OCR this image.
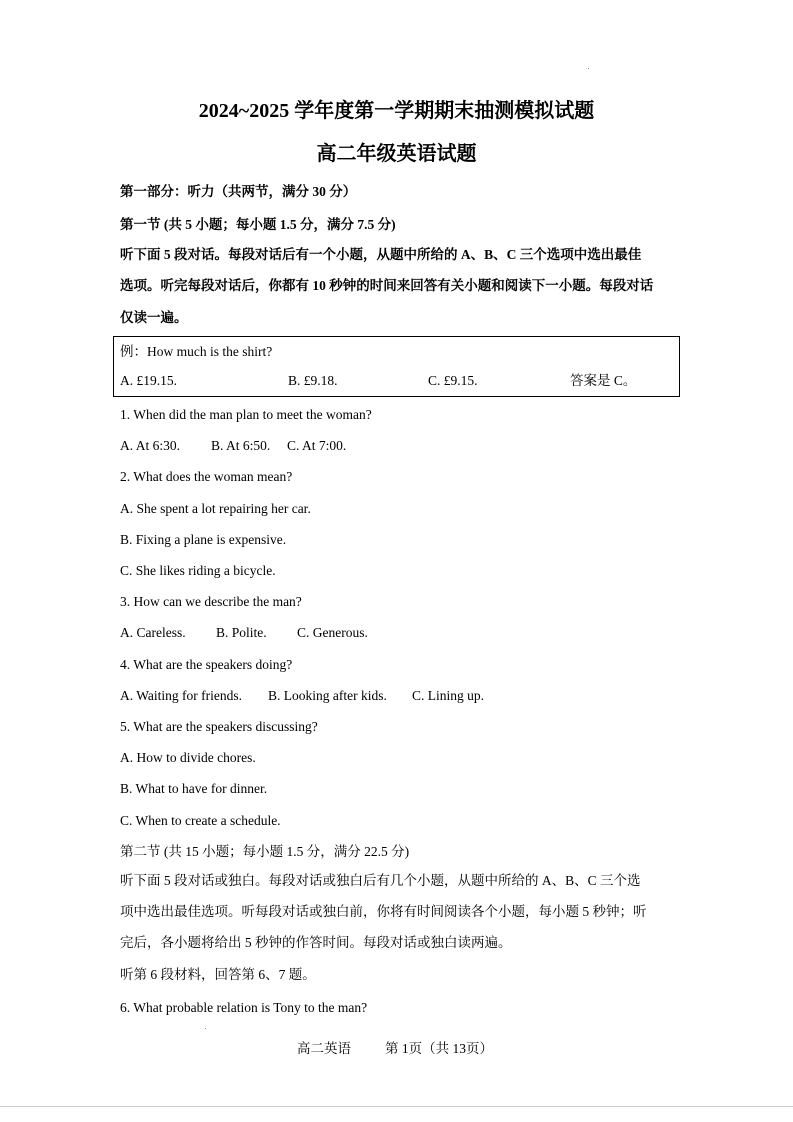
2024~2025 学年度第一学期期末抽测模拟试题
高二年级英语试题
第一部分：听力（共两节，满分 30 分）
第一节 (共 5 小题；每小题 1.5 分，满分 7.5 分)
听下面 5 段对话。每段对话后有一个小题，从题中所给的 A、B、C 三个选项中选出最佳
选项。听完每段对话后，你都有 10 秒钟的时间来回答有关小题和阅读下一小题。每段对话
仅读一遍。
例：How much is the shirt?
A. £19.15.	B. £9.18.	C. £9.15.	答案是 C。
1. When did the man plan to meet the woman?
A. At 6:30. B. At 6:50. C. At 7:00.
2. What does the woman mean?
A. She spent a lot repairing her car.
B. Fixing a plane is expensive.
C. She likes riding a bicycle.
3. How can we describe the man?
A. Careless. B. Polite. C. Generous.
4. What are the speakers doing?
A. Waiting for friends. B. Looking after kids. C. Lining up.
5. What are the speakers discussing?
A. How to divide chores.
B. What to have for dinner.
C. When to create a schedule.
第二节 (共 15 小题；每小题 1.5 分，满分 22.5 分)
听下面 5 段对话或独白。每段对话或独白后有几个小题，从题中所给的 A、B、C 三个选
项中选出最佳选项。听每段对话或独白前，你将有时间阅读各个小题，每小题 5 秒钟；听
完后，各小题将给出 5 秒钟的作答时间。每段对话或独白读两遍。
听第 6 段材料，回答第 6、7 题。
6. What probable relation is Tony to the man?
高二英语	第 1页（共 13页）
